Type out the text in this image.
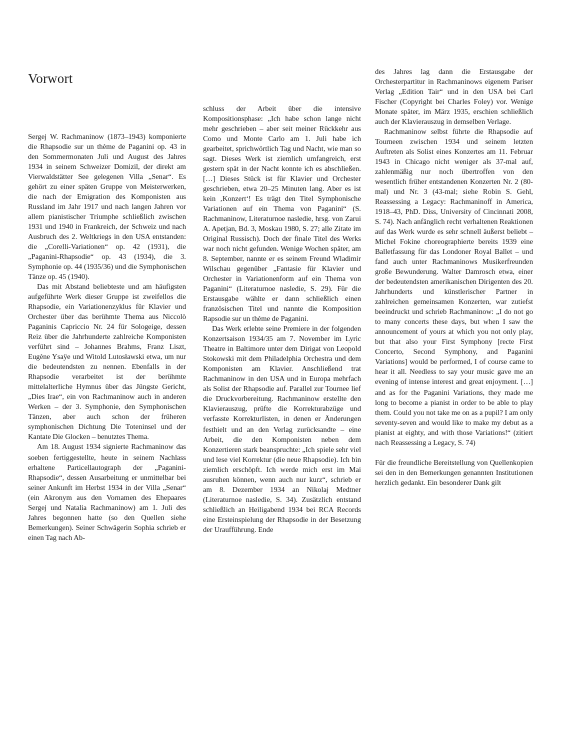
Vorwort

Sergej W. Rachmaninow (1873–1943) komponierte die Rhapsodie sur un thème de Paganini op. 43 in den Sommermonaten Juli und August des Jahres 1934 in seinem Schweizer Domizil, der direkt am Vierwaldstätter See gelegenen Villa „Senar“. Es gehört zu einer späten Gruppe von Meisterwerken, die nach der Emigration des Komponisten aus Russland im Jahr 1917 und nach langen Jahren vor allem pianistischer Triumphe schließlich zwischen 1931 und 1940 in Frankreich, der Schweiz und nach Ausbruch des 2. Weltkriegs in den USA entstanden: die „Corelli-Variationen“ op. 42 (1931), die „Paganini-Rhapsodie“ op. 43 (1934), die 3. Symphonie op. 44 (1935/36) und die Symphonischen Tänze op. 45 (1940).

Das mit Abstand beliebteste und am häufigsten aufgeführte Werk dieser Gruppe ist zweifellos die Rhapsodie, ein Variationenzyklus für Klavier und Orchester über das berühmte Thema aus Niccolò Paganinis Capriccio Nr. 24 für Sologeige, dessen Reiz über die Jahrhunderte zahlreiche Komponisten verführt sind – Johannes Brahms, Franz Liszt, Eugène Ysaÿe und Witold Lutosławski etwa, um nur die bedeutendsten zu nennen. Ebenfalls in der Rhapsodie verarbeitet ist der berühmte mittelalterliche Hymnus über das Jüngste Gericht, „Dies Irae“, ein von Rachmaninow auch in anderen Werken – der 3. Symphonie, den Symphonischen Tänzen, aber auch schon der früheren symphonischen Dichtung Die Toteninsel und der Kantate Die Glocken – benutztes Thema.

Am 18. August 1934 signierte Rachmaninow das soeben fertiggestellte, heute in seinem Nachlass erhaltene Particellautograph der „Paganini-Rhapsodie“, dessen Ausarbeitung er unmittelbar bei seiner Ankunft im Herbst 1934 in der Villa „Senar“ (ein Akronym aus den Vornamen des Ehepaares Sergej und Natalia Rachmaninow) am 1. Juli des Jahres begonnen hatte (so den Quellen siehe Bemerkungen). Seiner Schwägerin Sophia schrieb er einen Tag nach Ab-

schluss der Arbeit über die intensive Kompositionsphase: „Ich habe schon lange nicht mehr geschrieben – aber seit meiner Rückkehr aus Como und Monte Carlo am 1. Juli habe ich gearbeitet, sprichwörtlich Tag und Nacht, wie man so sagt. Dieses Werk ist ziemlich umfangreich, erst gestern spät in der Nacht konnte ich es abschließen. […] Dieses Stück ist für Klavier und Orchester geschrieben, etwa 20–25 Minuten lang. Aber es ist kein ‚Konzert‘! Es trägt den Titel Symphonische Variationen auf ein Thema von Paganini“ (S. Rachmaninow, Literaturnoe nasledie, hrsg. von Zarui A. Apetjan, Bd. 3, Moskau 1980, S. 27; alle Zitate im Original Russisch). Doch der finale Titel des Werks war noch nicht gefunden. Wenige Wochen später, am 8. September, nannte er es seinem Freund Wladimir Wilschau gegenüber „Fantasie für Klavier und Orchester in Variationenform auf ein Thema von Paganini“ (Literaturnoe nasledie, S. 29). Für die Erstausgabe wählte er dann schließlich einen französischen Titel und nannte die Komposition Rapsodie sur un thème de Paganini.

Das Werk erlebte seine Premiere in der folgenden Konzertsaison 1934/35 am 7. November im Lyric Theatre in Baltimore unter dem Dirigat von Leopold Stokowski mit dem Philadelphia Orchestra und dem Komponisten am Klavier. Anschließend trat Rachmaninow in den USA und in Europa mehrfach als Solist der Rhapsodie auf. Parallel zur Tournee lief die Druckvorbereitung. Rachmaninow erstellte den Klavierauszug, prüfte die Korrekturabzüge und verfasste Korrekturlisten, in denen er Änderungen festhielt und an den Verlag zurücksandte – eine Arbeit, die den Komponisten neben dem Konzertieren stark beanspruchte: „Ich spiele sehr viel und lese viel Korrektur (die neue Rhapsodie). Ich bin ziemlich erschöpft. Ich werde mich erst im Mai ausruhen können, wenn auch nur kurz“, schrieb er am 8. Dezember 1934 an Nikolaj Medtner (Literaturnoe nasledie, S. 34). Zusätzlich entstand schließlich an Heiligabend 1934 bei RCA Records eine Ersteinspielung der Rhapsodie in der Besetzung der Uraufführung. Ende

des Jahres lag dann die Erstausgabe der Orchesterpartitur in Rachmaninows eigenem Pariser Verlag „Edition Tair“ und in den USA bei Carl Fischer (Copyright bei Charles Foley) vor. Wenige Monate später, im März 1935, erschien schließlich auch der Klavierauszug in demselben Verlage.

Rachmaninow selbst führte die Rhapsodie auf Tourneen zwischen 1934 und seinem letzten Auftreten als Solist eines Konzertes am 11. Februar 1943 in Chicago nicht weniger als 37-mal auf, zahlenmäßig nur noch übertroffen von den wesentlich früher entstandenen Konzerten Nr. 2 (80-mal) und Nr. 3 (43-mal; siehe Robin S. Gehl, Reassessing a Legacy: Rachmaninoff in America, 1918–43, PhD. Diss, University of Cincinnati 2008, S. 74). Nach anfänglich recht verhaltenen Reaktionen auf das Werk wurde es sehr schnell äußerst beliebt – Michel Fokine choreographierte bereits 1939 eine Balletfassung für das Londoner Royal Ballet – und fand auch unter Rachmaninows Musikerfreunden große Bewunderung. Walter Damrosch etwa, einer der bedeutendsten amerikanischen Dirigenten des 20. Jahrhunderts und künstlerischer Partner in zahlreichen gemeinsamen Konzerten, war zutiefst beeindruckt und schrieb Rachmaninow: „I do not go to many concerts these days, but when I saw the announcement of yours at which you not only play, but that also your First Symphony [recte First Concerto, Second Symphony, and Paganini Variations] would be performed, I of course came to hear it all. Needless to say your music gave me an evening of intense interest and great enjoyment. […] and as for the Paganini Variations, they made me long to become a pianist in order to be able to play them. Could you not take me on as a pupil? I am only seventy-seven and would like to make my debut as a pianist at eighty, and with those Variations!“ (zitiert nach Reassessing a Legacy, S. 74)

Für die freundliche Bereitstellung von Quellenkopien sei den in den Bemerkungen genannten Institutionen herzlich gedankt. Ein besonderer Dank gilt
